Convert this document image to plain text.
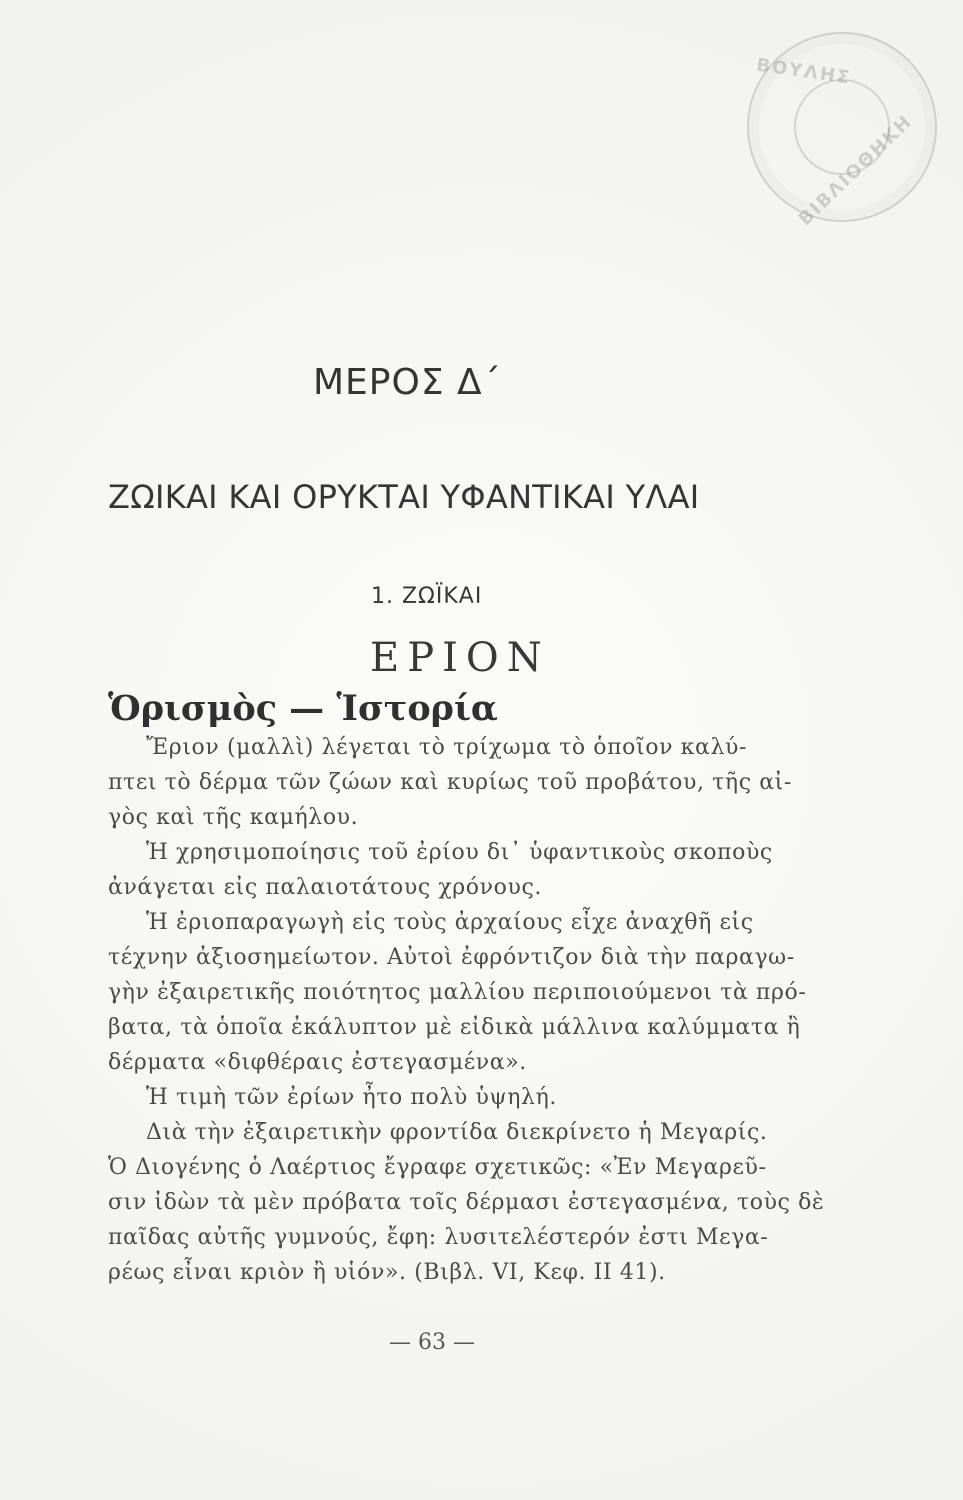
ΒΟΥΛΗΣ
ΒΙΒΛΙΟΘΗΚΗ
ΜΕΡΟΣ Δ΄
ΖΩΙΚΑΙ ΚΑΙ ΟΡΥΚΤΑΙ ΥΦΑΝΤΙΚΑΙ ΥΛΑΙ
1. ΖΩΪΚΑΙ
ΕΡΙΟΝ
Ὁρισμὸς — Ἱστορία
Ἔριον (μαλλὶ) λέγεται τὸ τρίχωμα τὸ ὁποῖον καλύ-
πτει τὸ δέρμα τῶν ζώων καὶ κυρίως τοῦ προβάτου, τῆς αἰ-
γὸς καὶ τῆς καμήλου.
Ἡ χρησιμοποίησις τοῦ ἐρίου δι᾿ ὑφαντικοὺς σκοποὺς
ἀνάγεται εἰς παλαιοτάτους χρόνους.
Ἡ ἐριοπαραγωγὴ εἰς τοὺς ἀρχαίους εἶχε ἀναχθῆ εἰς
τέχνην ἀξιοσημείωτον. Αὐτοὶ ἐφρόντιζον διὰ τὴν παραγω-
γὴν ἐξαιρετικῆς ποιότητος μαλλίου περιποιούμενοι τὰ πρό-
βατα, τὰ ὁποῖα ἐκάλυπτον μὲ εἰδικὰ μάλλινα καλύμματα ἢ
δέρματα «διφθέραις ἐστεγασμένα».
Ἡ τιμὴ τῶν ἐρίων ἦτο πολὺ ὑψηλή.
Διὰ τὴν ἐξαιρετικὴν φροντίδα διεκρίνετο ἡ Μεγαρίς.
Ὁ Διογένης ὁ Λαέρτιος ἔγραφε σχετικῶς: «Ἐν Μεγαρεῦ-
σιν ἰδὼν τὰ μὲν πρόβατα τοῖς δέρμασι ἐστεγασμένα, τοὺς δὲ
παῖδας αὐτῆς γυμνούς, ἔφη: λυσιτελέστερόν ἐστι Μεγα-
ρέως εἶναι κριὸν ἢ υἱόν». (Βιβλ. VI, Κεφ. II 41).
— 63 —
